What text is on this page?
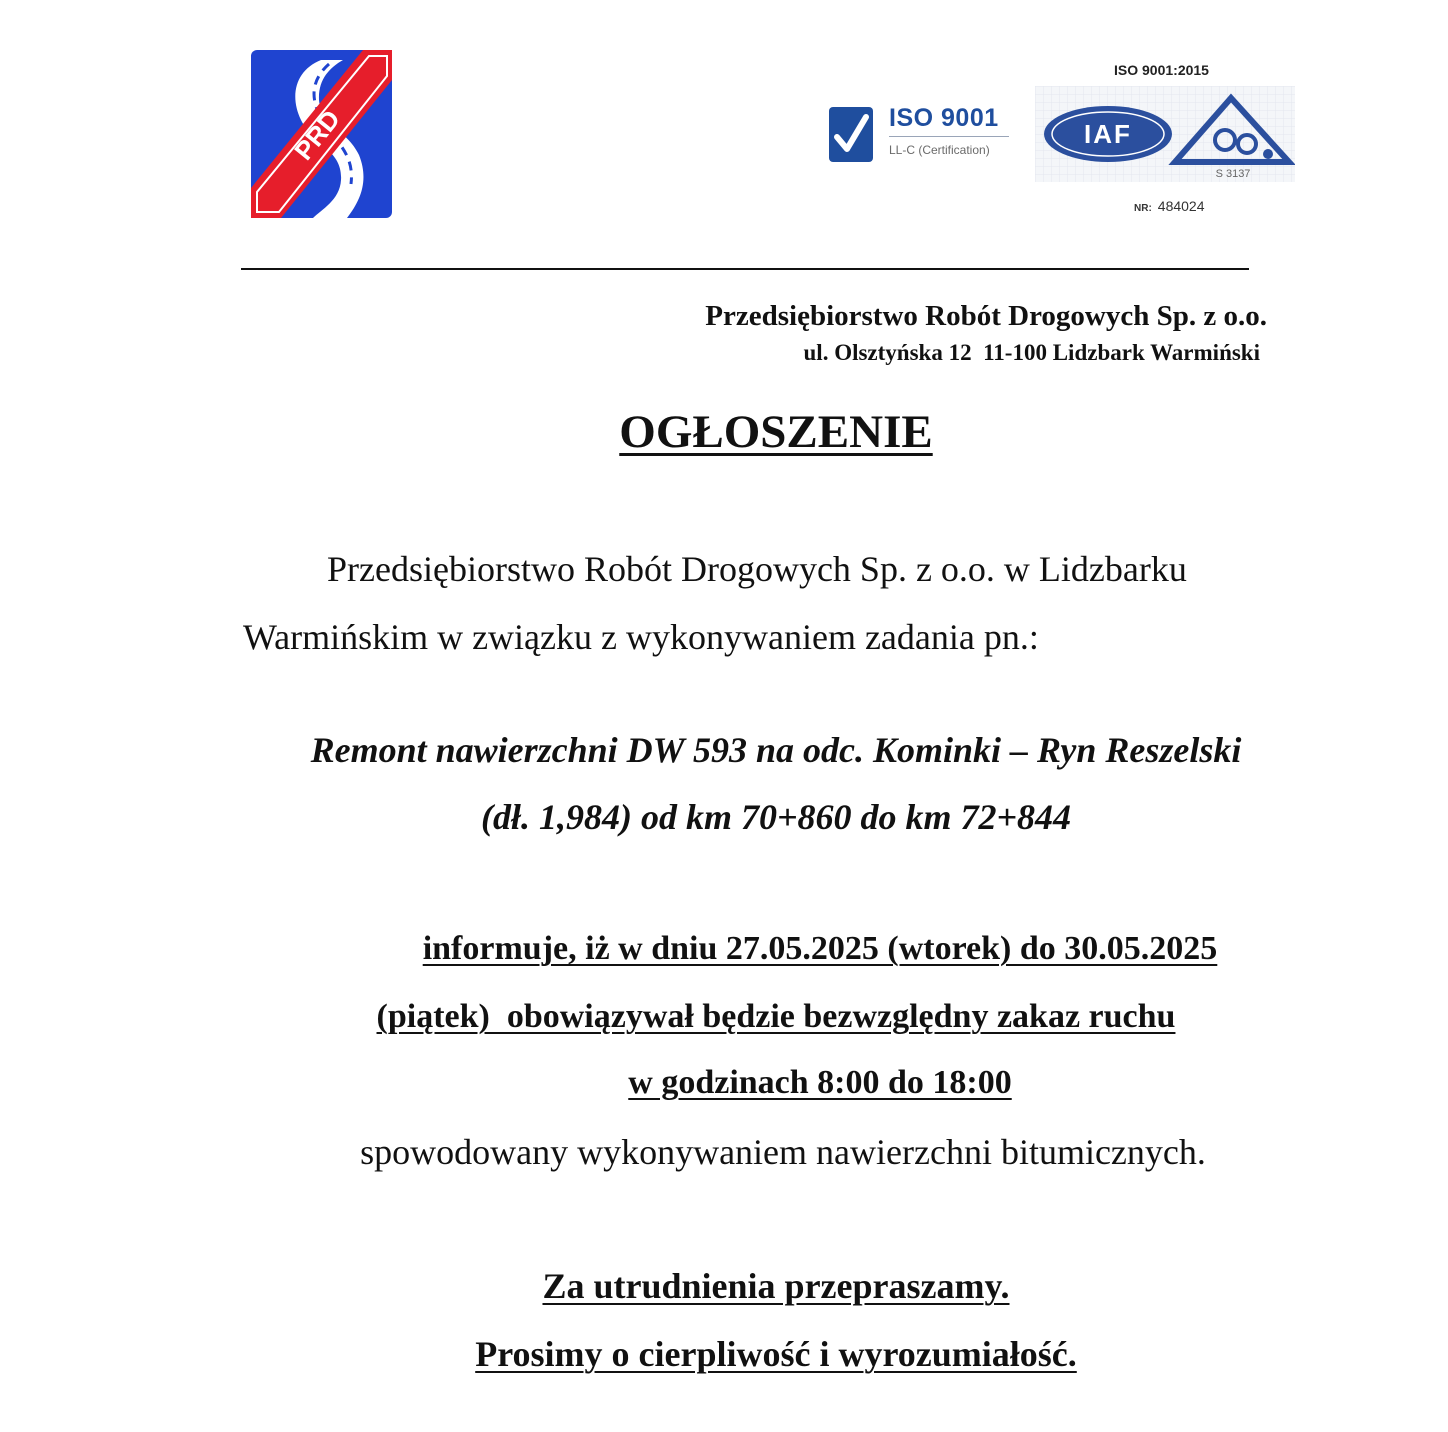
PRD	ISO 9001
LL-C (Certification)
ISO 9001:2015
IAF
S 3137
NR: 484024
Przedsiębiorstwo Robót Drogowych Sp. z o.o.
ul. Olsztyńska 12  11-100 Lidzbark Warmiński
OGŁOSZENIE
Przedsiębiorstwo Robót Drogowych Sp. z o.o. w Lidzbarku
Warmińskim w związku z wykonywaniem zadania pn.:
Remont nawierzchni DW 593 na odc. Kominki – Ryn Reszelski
(dł. 1,984) od km 70+860 do km 72+844
informuje, iż w dniu 27.05.2025 (wtorek) do 30.05.2025
(piątek)  obowiązywał będzie bezwzględny zakaz ruchu
w godzinach 8:00 do 18:00
spowodowany wykonywaniem nawierzchni bitumicznych.
Za utrudnienia przepraszamy.
Prosimy o cierpliwość i wyrozumiałość.
